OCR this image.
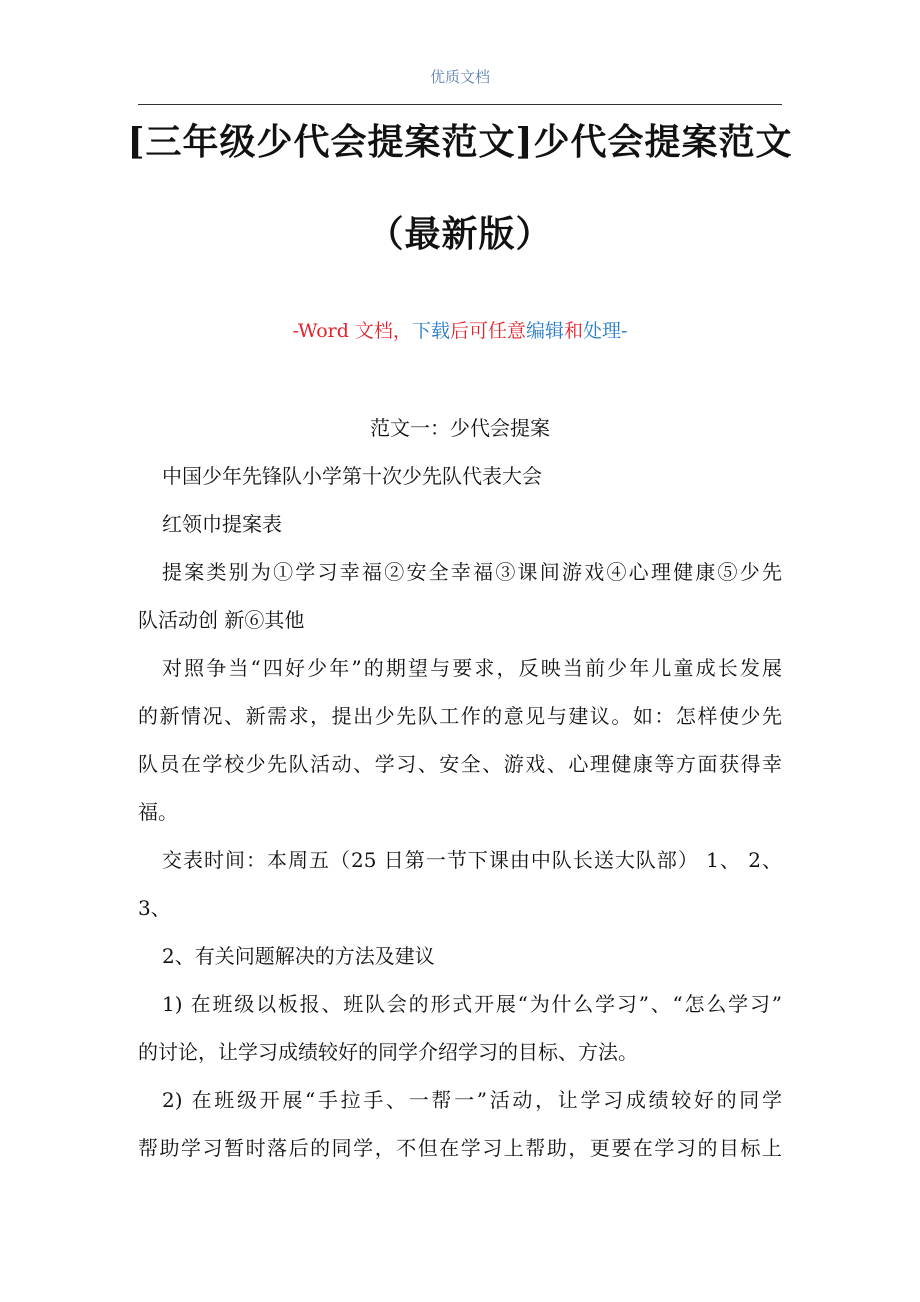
优质文档
[三年级少代会提案范文]少代会提案范文
（最新版）
-Word 文档，下载后可任意编辑和处理-
范文一：少代会提案
中国少年先锋队小学第十次少先队代表大会
红领巾提案表
提案类别为①学习幸福②安全幸福③课间游戏④心理健康⑤少先
队活动创 新⑥其他
对照争当“四好少年”的期望与要求，反映当前少年儿童成长发展
的新情况、新需求，提出少先队工作的意见与建议。如：怎样使少先
队员在学校少先队活动、学习、安全、游戏、心理健康等方面获得幸
福。
交表时间：本周五（25 日第一节下课由中队长送大队部） 1、 2、
3、
2、有关问题解决的方法及建议
1) 在班级以板报、班队会的形式开展“为什么学习”、“怎么学习”
的讨论，让学习成绩较好的同学介绍学习的目标、方法。
2) 在班级开展“手拉手、一帮一”活动，让学习成绩较好的同学
帮助学习暂时落后的同学，不但在学习上帮助，更要在学习的目标上
